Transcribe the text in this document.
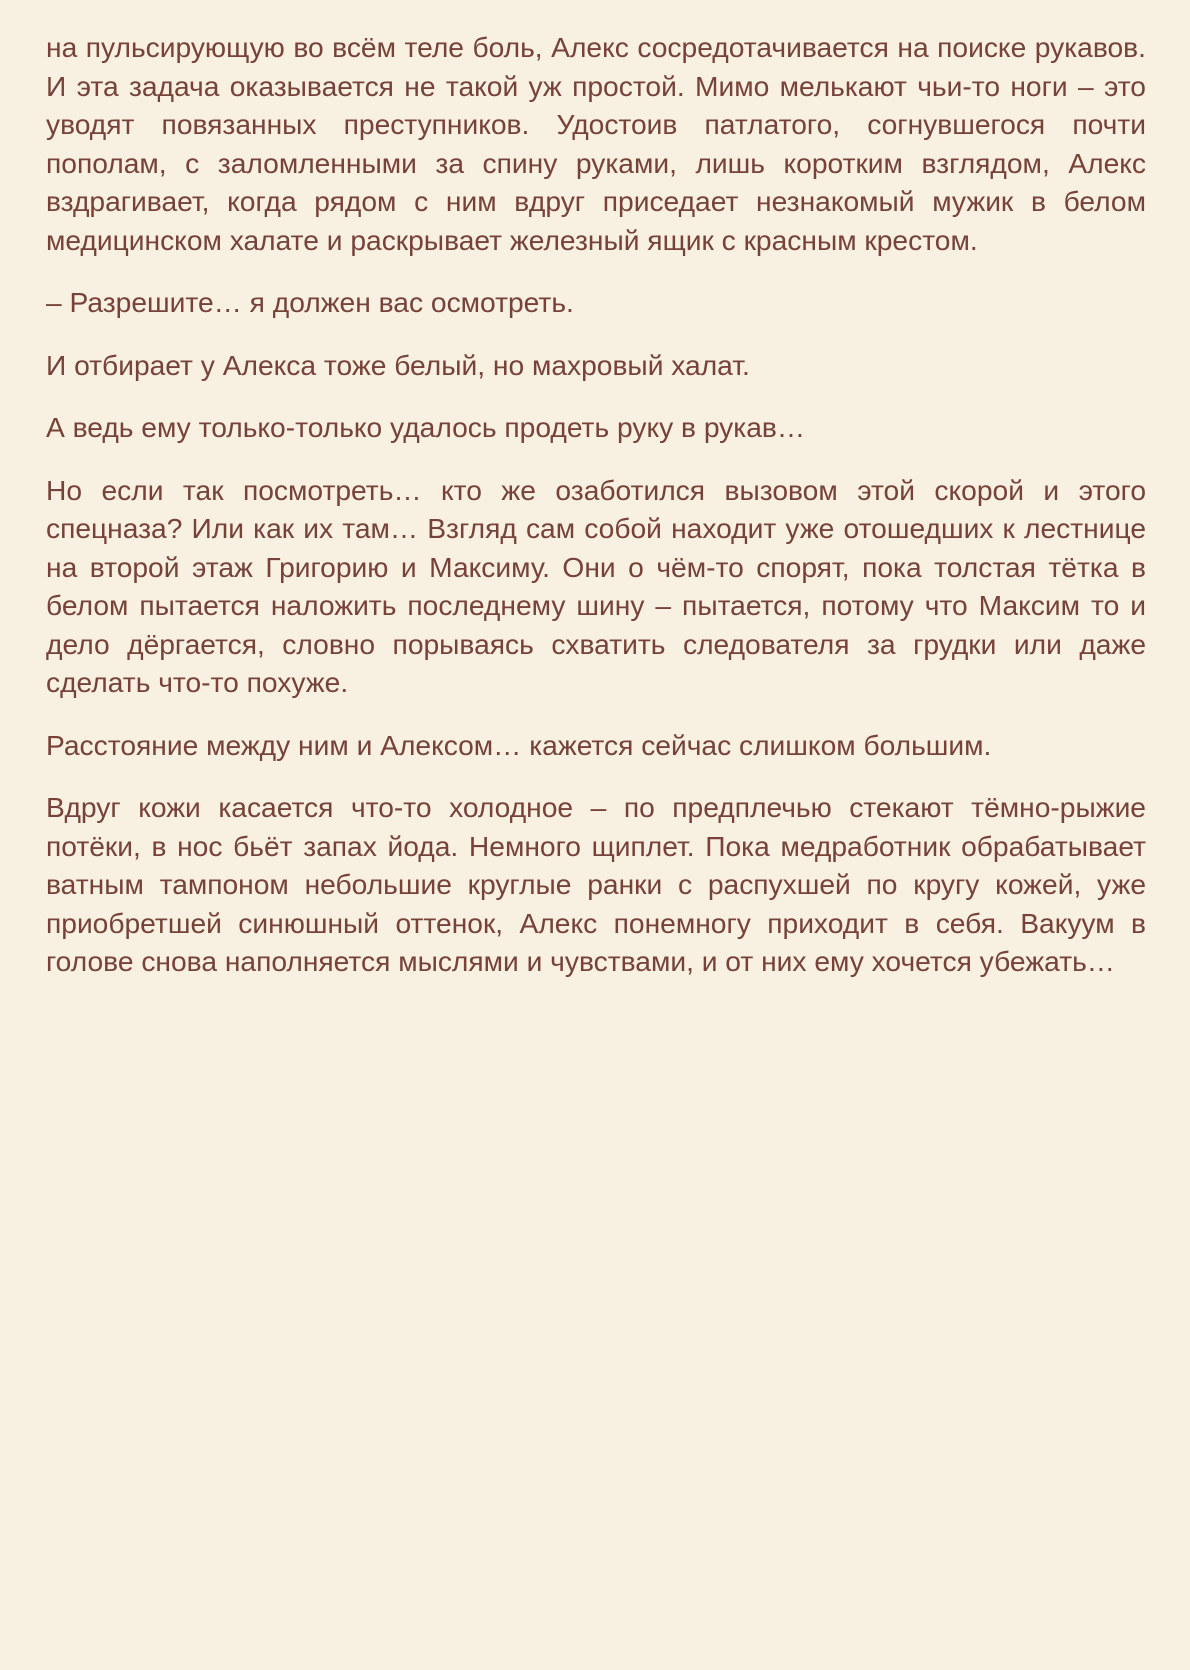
на пульсирующую во всём теле боль, Алекс сосредотачивается на поиске рукавов. И эта задача оказывается не такой уж простой. Мимо мелькают чьи-то ноги – это уводят повязанных преступников. Удостоив патлатого, согнувшегося почти пополам, с заломленными за спину руками, лишь коротким взглядом, Алекс вздрагивает, когда рядом с ним вдруг приседает незнакомый мужик в белом медицинском халате и раскрывает железный ящик с красным крестом.

– Разрешите… я должен вас осмотреть.

И отбирает у Алекса тоже белый, но махровый халат.

А ведь ему только-только удалось продеть руку в рукав…

Но если так посмотреть… кто же озаботился вызовом этой скорой и этого спецназа? Или как их там… Взгляд сам собой находит уже отошедших к лестнице на второй этаж Григорию и Максиму. Они о чём-то спорят, пока толстая тётка в белом пытается наложить последнему шину – пытается, потому что Максим то и дело дёргается, словно порываясь схватить следователя за грудки или даже сделать что-то похуже.

Расстояние между ним и Алексом… кажется сейчас слишком большим.

Вдруг кожи касается что-то холодное – по предплечью стекают тёмно-рыжие потёки, в нос бьёт запах йода. Немного щиплет. Пока медработник обрабатывает ватным тампоном небольшие круглые ранки с распухшей по кругу кожей, уже приобретшей синюшный оттенок, Алекс понемногу приходит в себя. Вакуум в голове снова наполняется мыслями и чувствами, и от них ему хочется убежать…
